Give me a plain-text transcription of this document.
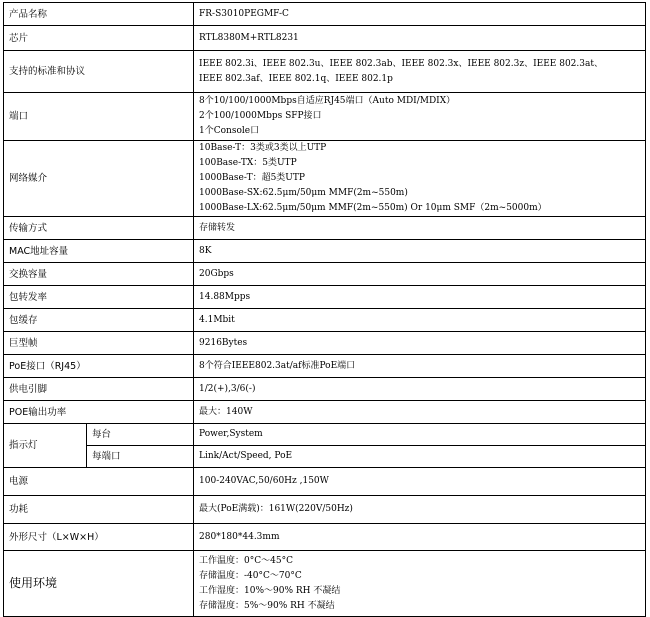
产品名称		FR-S3010PEGMF-C
芯片		RTL8380M+RTL8231
支持的标准和协议		IEEE 802.3i、IEEE 802.3u、IEEE 802.3ab、IEEE 802.3x、IEEE 802.3z、IEEE 802.3at、
IEEE 802.3af、IEEE 802.1q、IEEE 802.1p

端口		8个10/100/1000Mbps自适应RJ45端口（Auto MDI/MDIX）
2个100/1000Mbps SFP接口
1个Console口

网络媒介		10Base-T：3类或3类以上UTP
100Base-TX：5类UTP
1000Base-T：超5类UTP
1000Base-SX:62.5μm/50μm MMF(2m~550m)
1000Base-LX:62.5μm/50μm MMF(2m~550m) Or 10μm SMF（2m~5000m）

传输方式		存储转发
MAC地址容量		8K
交换容量		20Gbps
包转发率		14.88Mpps
包缓存		4.1Mbit
巨型帧		9216Bytes
PoE接口（RJ45）		8个符合IEEE802.3at/af标准PoE端口
供电引脚		1/2(+),3/6(-)
POE输出功率		最大：140W
指示灯	每台	Power,System
	每端口	Link/Act/Speed, PoE
电源		100-240VAC,50/60Hz ,150W
功耗		最大(PoE满载)：161W(220V/50Hz)
外形尺寸（L×W×H）		280*180*44.3mm
使用环境		工作温度：0°C～45°C
存储温度：-40°C～70°C
工作湿度：10%～90% RH 不凝结
存储湿度：5%～90% RH 不凝结
